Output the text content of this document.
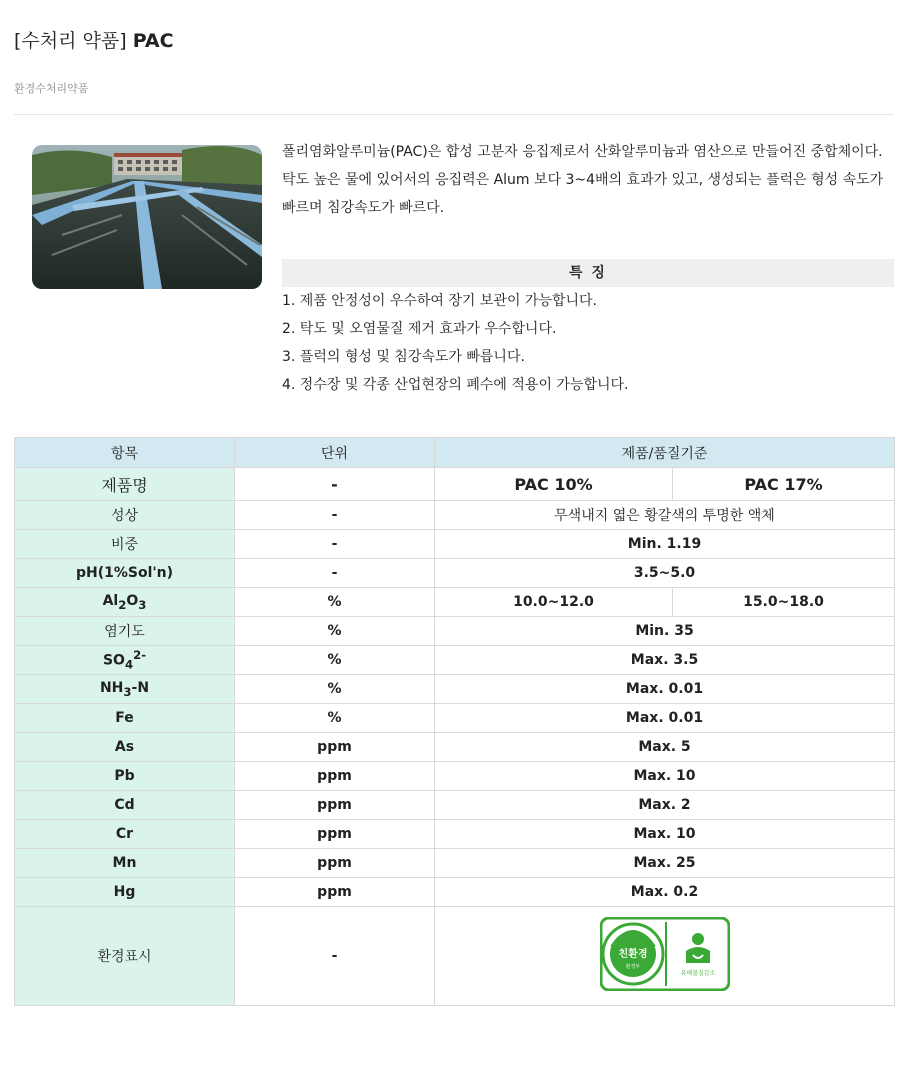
[수처리 약품] PAC
환경수처리약품

폴리염화알루미늄(PAC)은 합성 고분자 응집제로서 산화알루미늄과 염산으로 만들어진 중합체이다.

탁도 높은 물에 있어서의 응집력은 Alum 보다 3~4배의 효과가 있고, 생성되는 플럭은 형성 속도가 빠르며 침강속도가 빠르다.

특 징
1. 제품 안정성이 우수하여 장기 보관이 가능합니다.
2. 탁도 및 오염물질 제거 효과가 우수합니다.
3. 플럭의 형성 및 침강속도가 빠릅니다.
4. 정수장 및 각종 산업현장의 폐수에 적용이 가능합니다.
항목	단위	제품/품질기준	
제품명	-	PAC 10%	PAC 17%
성상	-	무색내지 엷은 황갈색의 투명한 액체	
비중	-	Min. 1.19	
pH(1%Sol'n)	-	3.5~5.0	
$Al_2O_3$	%	10.0~12.0	15.0~18.0
염기도	%	Min. 35	
$SO_4^{2-}$	%	Max. 3.5	
$NH_3-N$	%	Max. 0.01	
Fe	%	Max. 0.01	
As	ppm	Max. 5	
Pb	ppm	Max. 10	
Cd	ppm	Max. 2	
Cr	ppm	Max. 10	
Mn	ppm	Max. 25	
Hg	ppm	Max. 0.2	
환경표시	-	친환경
환경부
유해물질감소	
